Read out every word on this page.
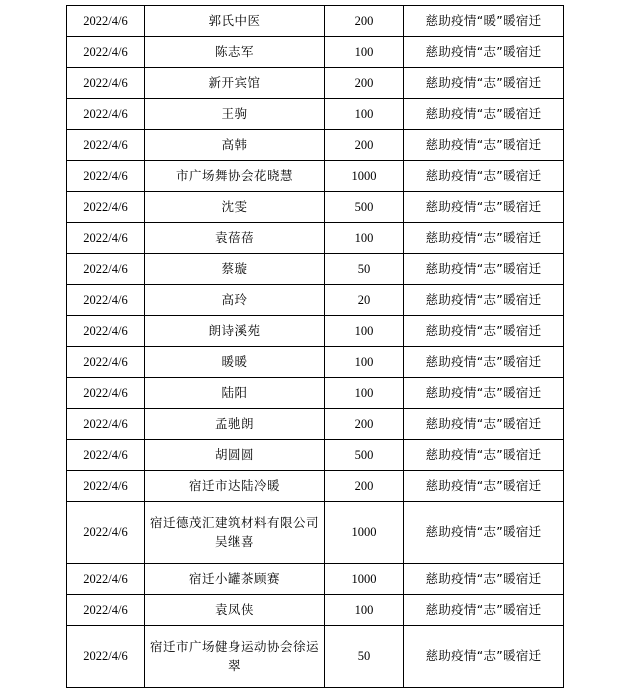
2022/4/6	郭氏中医	200	慈助疫情“暖”暖宿迁
2022/4/6	陈志军	100	慈助疫情“志”暖宿迁
2022/4/6	新开宾馆	200	慈助疫情“志”暖宿迁
2022/4/6	王驹	100	慈助疫情“志”暖宿迁
2022/4/6	高韩	200	慈助疫情“志”暖宿迁
2022/4/6	市广场舞协会花晓慧	1000	慈助疫情“志”暖宿迁
2022/4/6	沈雯	500	慈助疫情“志”暖宿迁
2022/4/6	袁蓓蓓	100	慈助疫情“志”暖宿迁
2022/4/6	蔡璇	50	慈助疫情“志”暖宿迁
2022/4/6	高玲	20	慈助疫情“志”暖宿迁
2022/4/6	朗诗溪苑	100	慈助疫情“志”暖宿迁
2022/4/6	暖暖	100	慈助疫情“志”暖宿迁
2022/4/6	陆阳	100	慈助疫情“志”暖宿迁
2022/4/6	孟驰朗	200	慈助疫情“志”暖宿迁
2022/4/6	胡圆圆	500	慈助疫情“志”暖宿迁
2022/4/6	宿迁市达陆冷暖	200	慈助疫情“志”暖宿迁
2022/4/6	宿迁德茂汇建筑材料有限公司吴继喜	1000	慈助疫情“志”暖宿迁
2022/4/6	宿迁小罐茶顾赛	1000	慈助疫情“志”暖宿迁
2022/4/6	袁凤侠	100	慈助疫情“志”暖宿迁
2022/4/6	宿迁市广场健身运动协会徐运翠	50	慈助疫情“志”暖宿迁
